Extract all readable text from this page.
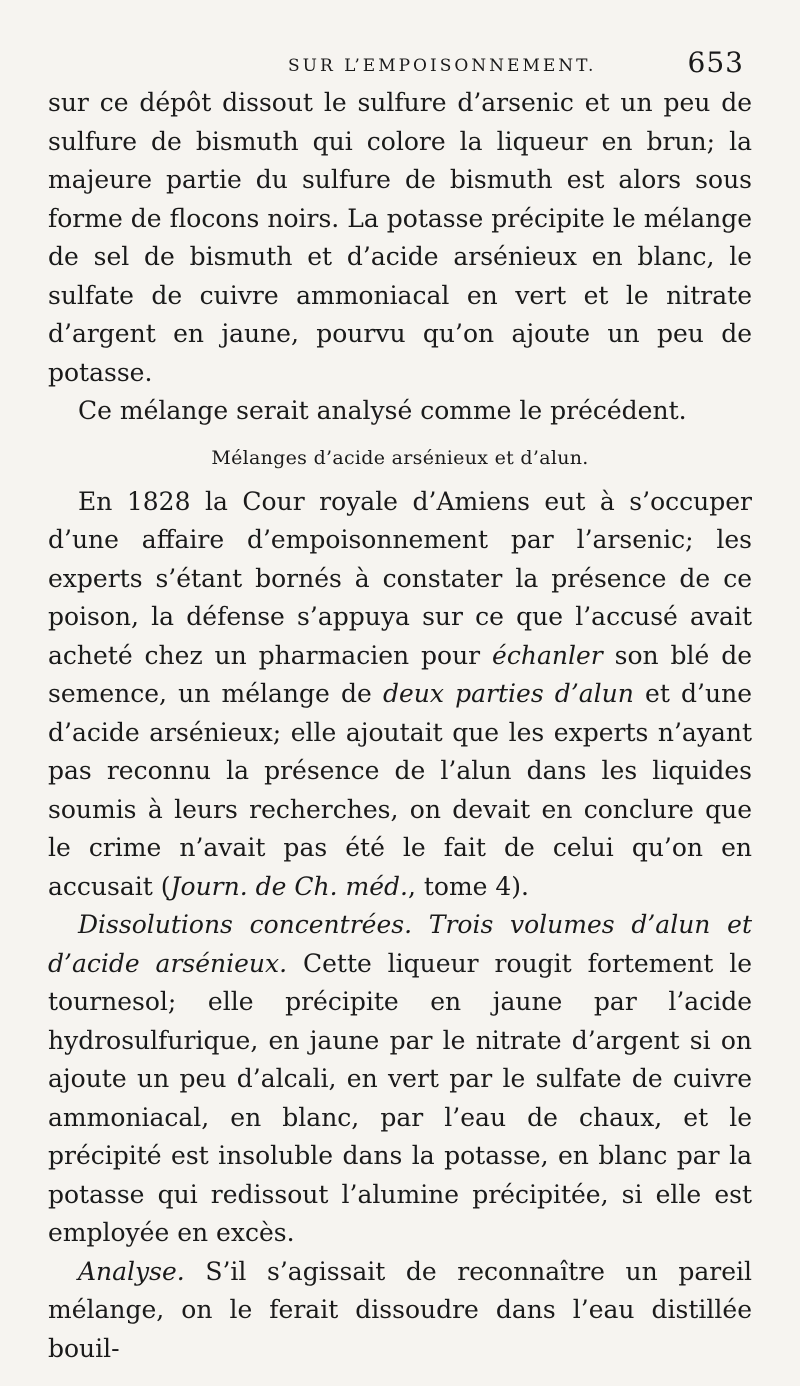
SUR L’EMPOISONNEMENT.	653

sur ce dépôt dissout le sulfure d’arsenic et un peu de sulfure de bismuth qui colore la liqueur en brun; la majeure partie du sulfure de bismuth est alors sous forme de flocons noirs. La potasse précipite le mélange de sel de bismuth et d’acide arsénieux en blanc, le sulfate de cuivre ammoniacal en vert et le nitrate d’argent en jaune, pourvu qu’on ajoute un peu de potasse.

Ce mélange serait analysé comme le précédent.

Mélanges d’acide arsénieux et d’alun.

En 1828 la Cour royale d’Amiens eut à s’occuper d’une affaire d’empoisonnement par l’arsenic; les experts s’étant bornés à constater la présence de ce poison, la défense s’appuya sur ce que l’accusé avait acheté chez un pharmacien pour échanler son blé de semence, un mélange de deux parties d’alun et d’une d’acide arsénieux; elle ajoutait que les experts n’ayant pas reconnu la présence de l’alun dans les liquides soumis à leurs recherches, on devait en conclure que le crime n’avait pas été le fait de celui qu’on en accusait (Journ. de Ch. méd., tome 4).

Dissolutions concentrées. Trois volumes d’alun et d’acide arsénieux. Cette liqueur rougit fortement le tournesol; elle précipite en jaune par l’acide hydrosulfurique, en jaune par le nitrate d’argent si on ajoute un peu d’alcali, en vert par le sulfate de cuivre ammoniacal, en blanc, par l’eau de chaux, et le précipité est insoluble dans la potasse, en blanc par la potasse qui redissout l’alumine précipitée, si elle est employée en excès.

Analyse. S’il s’agissait de reconnaître un pareil mélange, on le ferait dissoudre dans l’eau distillée bouil-
